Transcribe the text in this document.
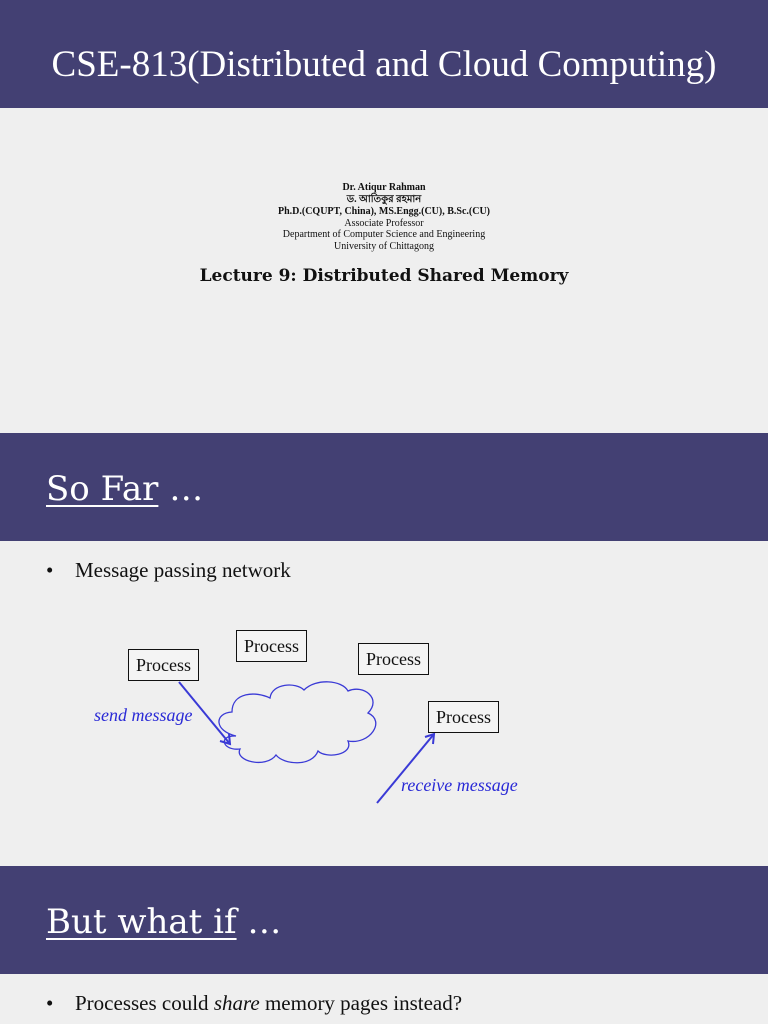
CSE-813(Distributed and Cloud Computing)
Dr. Atiqur Rahman
ড. আতিকুর রহমান
Ph.D.(CQUPT, China), MS.Engg.(CU), B.Sc.(CU)
Associate Professor
Department of Computer Science and Engineering
University of Chittagong
Lecture 9: Distributed Shared Memory
So Far …
• Message passing network
Process
Process
Process
Process
send message
receive message
But what if …
• Processes could share memory pages instead?
